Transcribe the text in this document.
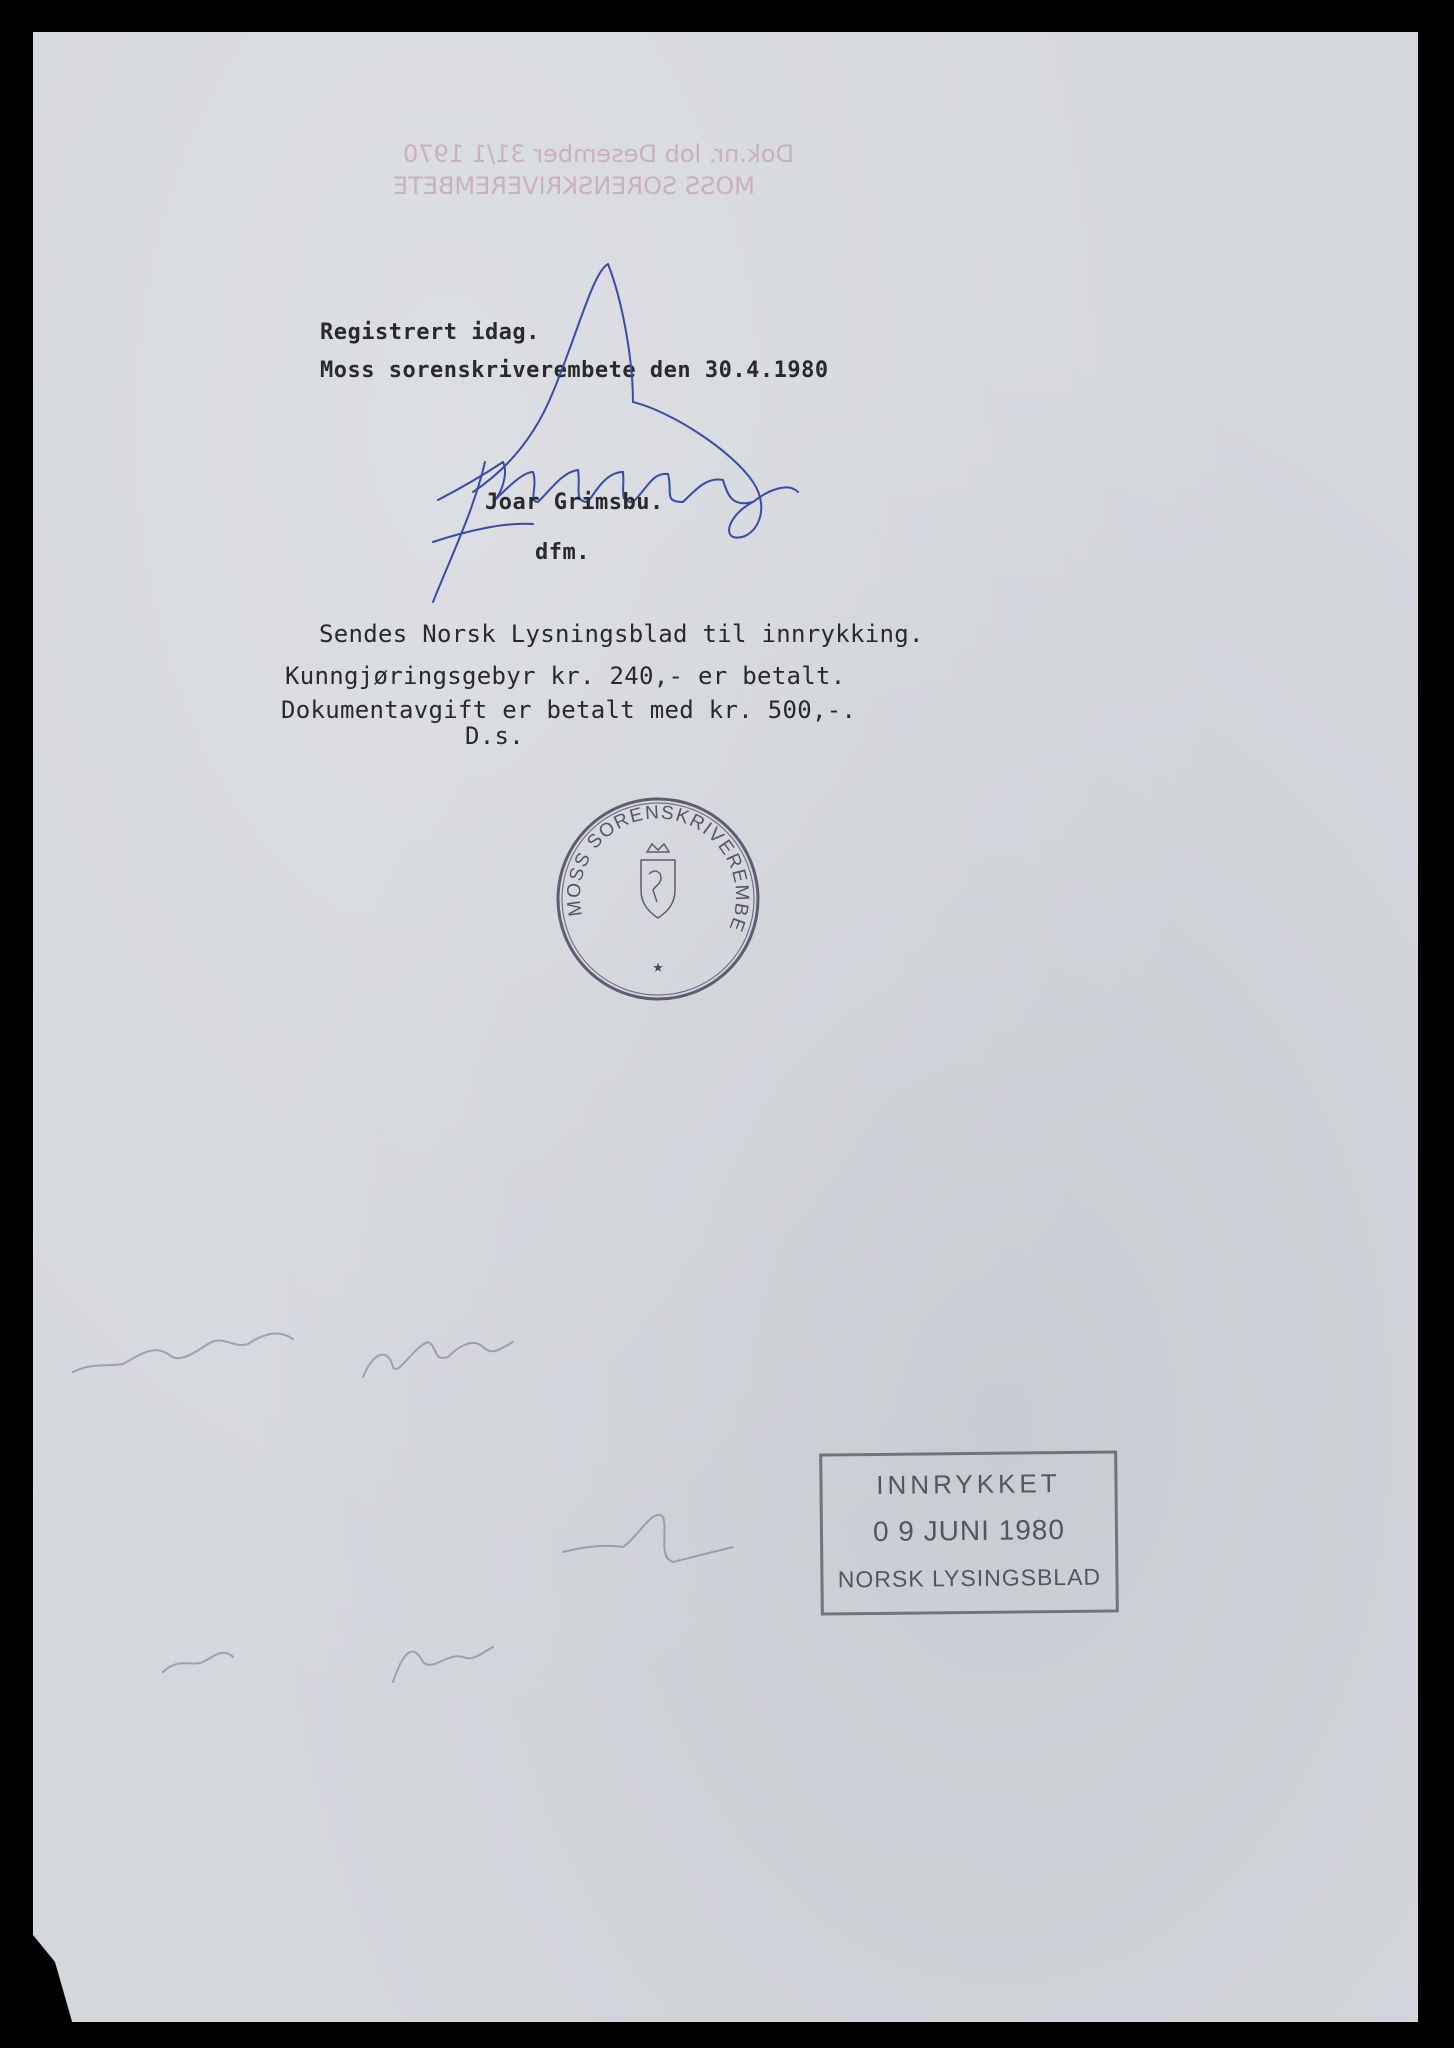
Dok.nr. lob Desember 31/1 1970
MOSS SORENSKRIVEREMBETE
Registrert idag.
Moss sorenskriverembete den 30.4.1980
Joar Grimsbu.
dfm.
Sendes Norsk Lysningsblad til innrykking.
Kunngjøringsgebyr kr. 240,- er betalt.
Dokumentavgift er betalt med kr. 500,-.
D.s.
MOSS SORENSKRIVEREMBETE
★
INNRYKKET
0 9 JUNI 1980
NORSK LYSINGSBLAD
